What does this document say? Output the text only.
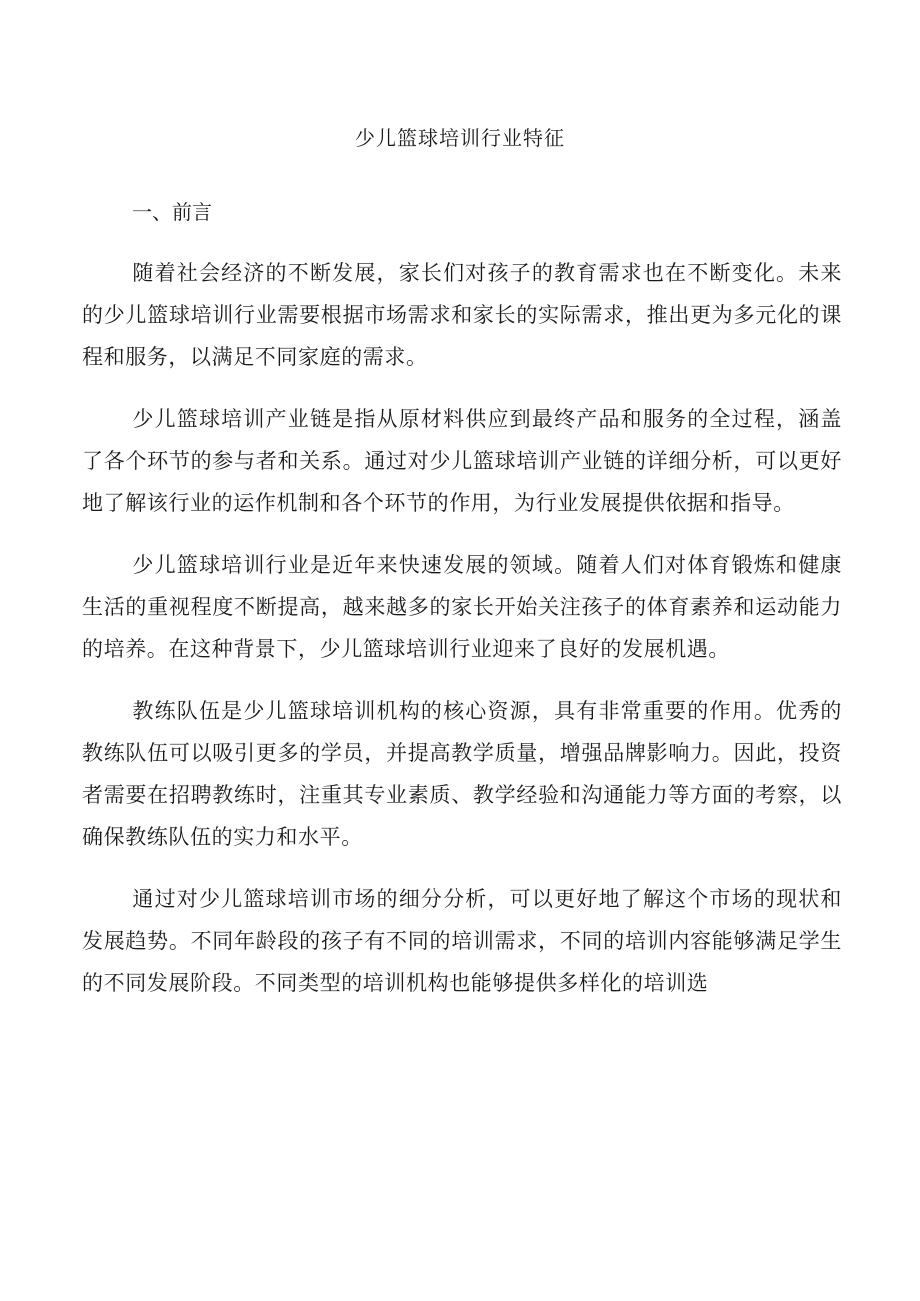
少儿篮球培训行业特征
一、前言

随着社会经济的不断发展，家长们对孩子的教育需求也在不断变化。未来的少儿篮球培训行业需要根据市场需求和家长的实际需求，推出更为多元化的课程和服务，以满足不同家庭的需求。

少儿篮球培训产业链是指从原材料供应到最终产品和服务的全过程，涵盖了各个环节的参与者和关系。通过对少儿篮球培训产业链的详细分析，可以更好地了解该行业的运作机制和各个环节的作用，为行业发展提供依据和指导。

少儿篮球培训行业是近年来快速发展的领域。随着人们对体育锻炼和健康生活的重视程度不断提高，越来越多的家长开始关注孩子的体育素养和运动能力的培养。在这种背景下，少儿篮球培训行业迎来了良好的发展机遇。

教练队伍是少儿篮球培训机构的核心资源，具有非常重要的作用。优秀的教练队伍可以吸引更多的学员，并提高教学质量，增强品牌影响力。因此，投资者需要在招聘教练时，注重其专业素质、教学经验和沟通能力等方面的考察，以确保教练队伍的实力和水平。

通过对少儿篮球培训市场的细分分析，可以更好地了解这个市场的现状和发展趋势。不同年龄段的孩子有不同的培训需求，不同的培训内容能够满足学生的不同发展阶段。不同类型的培训机构也能够提供多样化的培训选
